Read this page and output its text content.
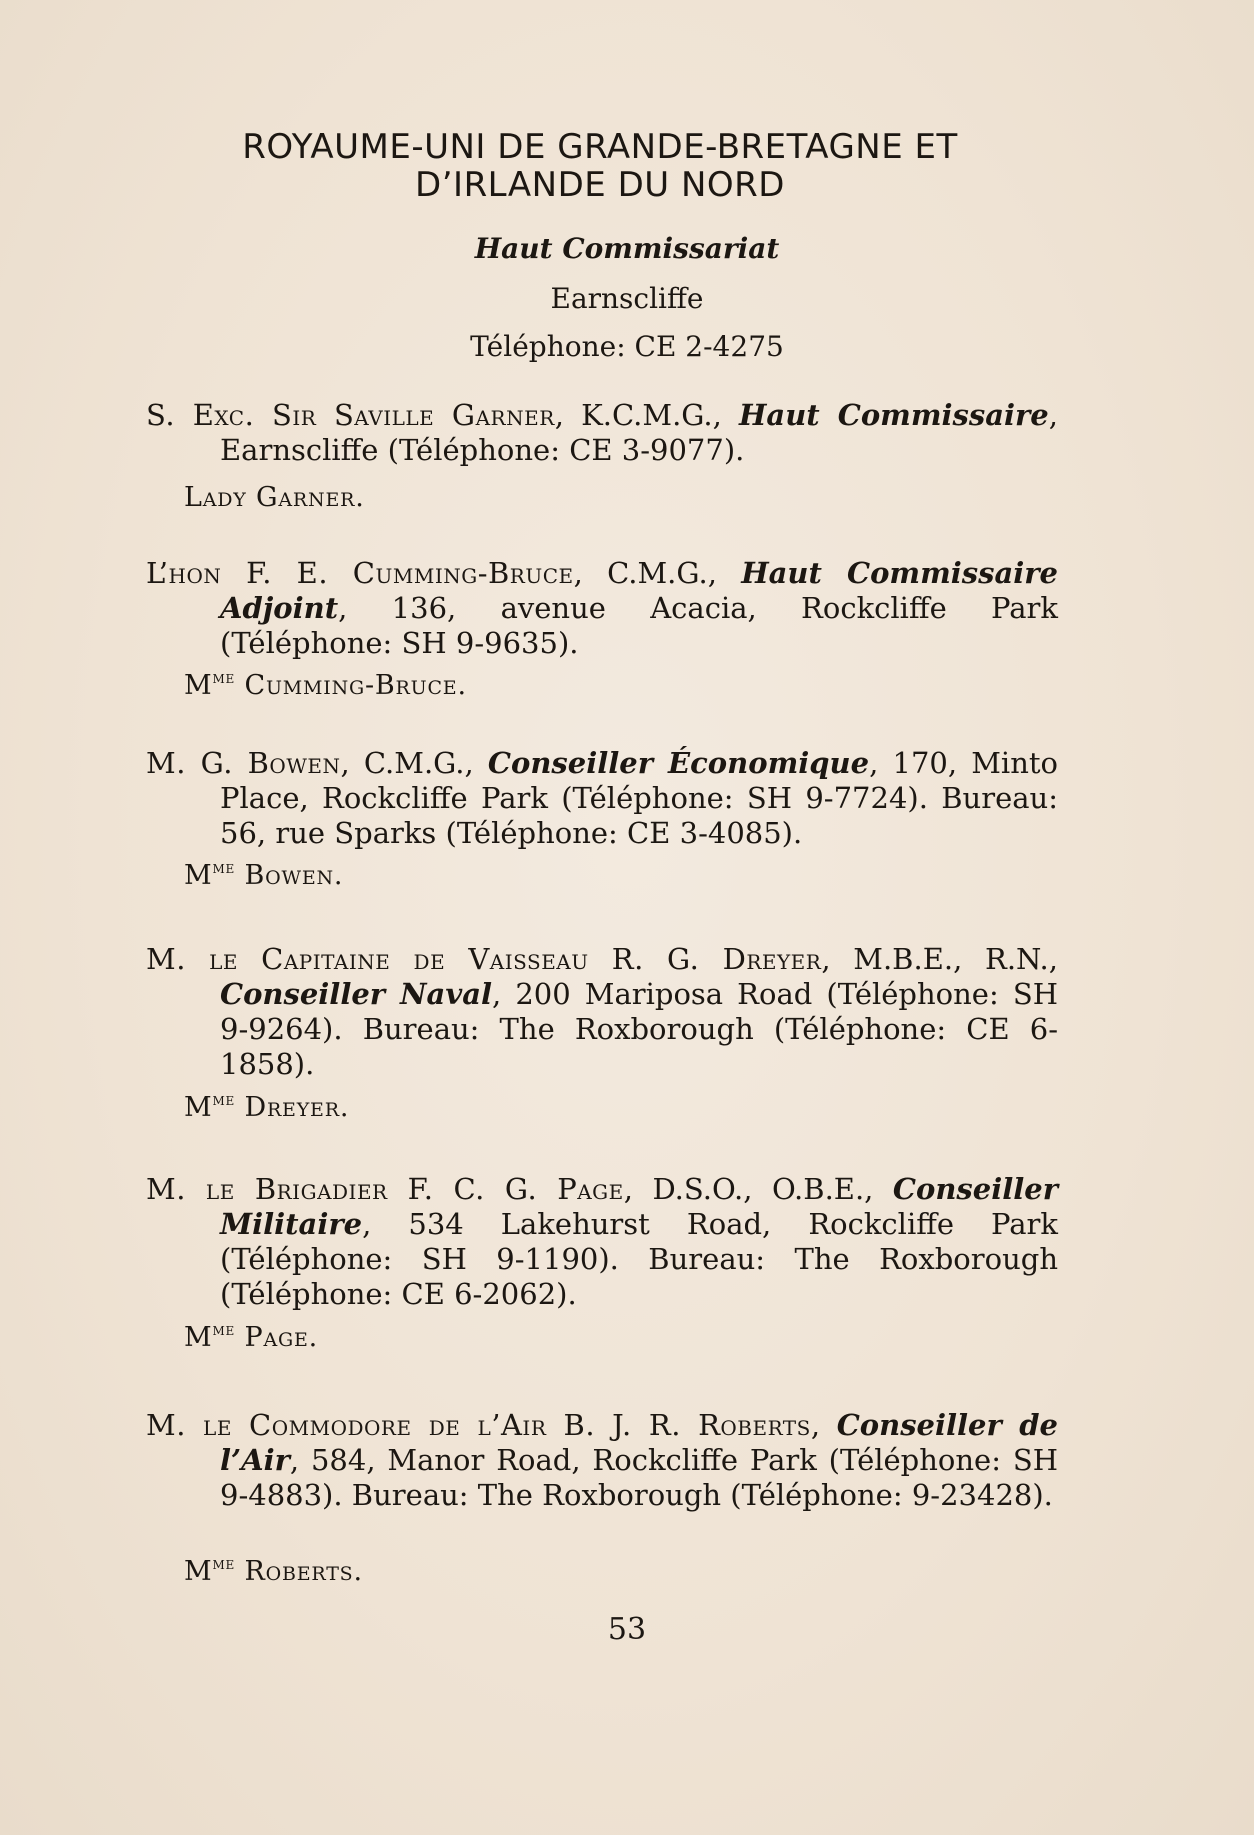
ROYAUME-UNI DE GRANDE-BRETAGNE ET
D’IRLANDE DU NORD
Haut Commissariat
Earnscliffe
Téléphone: CE 2-4275
S. Exc. Sir Saville Garner, K.C.M.G., Haut Commissaire, Earnscliffe (Téléphone: CE 3-9077).
Lady Garner.
L’hon F. E. Cumming-Bruce, C.M.G., Haut Commissaire Adjoint, 136, avenue Acacia, Rockcliffe Park (Téléphone: SH 9-9635).
$M^{me}$ Cumming-Bruce.
M. G. Bowen, C.M.G., Conseiller Économique, 170, Minto Place, Rockcliffe Park (Téléphone: SH 9-7724). Bureau: 56, rue Sparks (Téléphone: CE 3-4085).
$M^{me}$ Bowen.
M. le Capitaine de Vaisseau R. G. Dreyer, M.B.E., R.N., Conseiller Naval, 200 Mariposa Road (Téléphone: SH 9-9264). Bureau: The Roxborough (Téléphone: CE 6-1858).
$M^{me}$ Dreyer.
M. le Brigadier F. C. G. Page, D.S.O., O.B.E., Conseiller Militaire, 534 Lakehurst Road, Rockcliffe Park (Téléphone: SH 9-1190). Bureau: The Roxborough (Téléphone: CE 6-2062).
$M^{me}$ Page.
M. le Commodore de l’Air B. J. R. Roberts, Conseiller de l’Air, 584, Manor Road, Rockcliffe Park (Téléphone: SH 9-4883). Bureau: The Roxborough (Téléphone: 9-23428).
$M^{me}$ Roberts.
53
